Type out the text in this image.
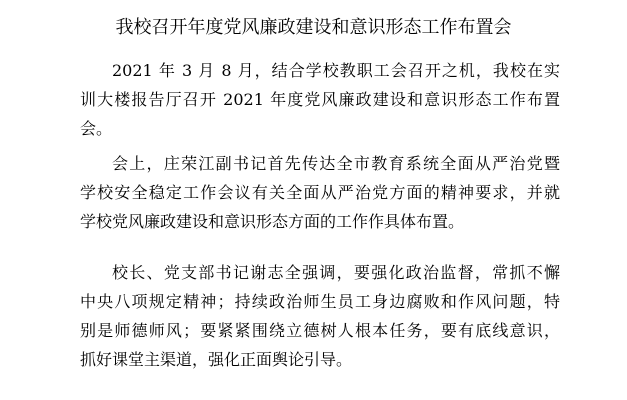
我校召开年度党风廉政建设和意识形态工作布置会
2021 年 3 月 8 月，结合学校教职工会召开之机，我校在实
训大楼报告厅召开 2021 年度党风廉政建设和意识形态工作布置
会。
会上，庄荣江副书记首先传达全市教育系统全面从严治党暨
学校安全稳定工作会议有关全面从严治党方面的精神要求，并就
学校党风廉政建设和意识形态方面的工作作具体布置。
校长、党支部书记谢志全强调，要强化政治监督，常抓不懈
中央八项规定精神；持续政治师生员工身边腐败和作风问题，特
别是师德师风；要紧紧围绕立德树人根本任务，要有底线意识，
抓好课堂主渠道，强化正面舆论引导。
